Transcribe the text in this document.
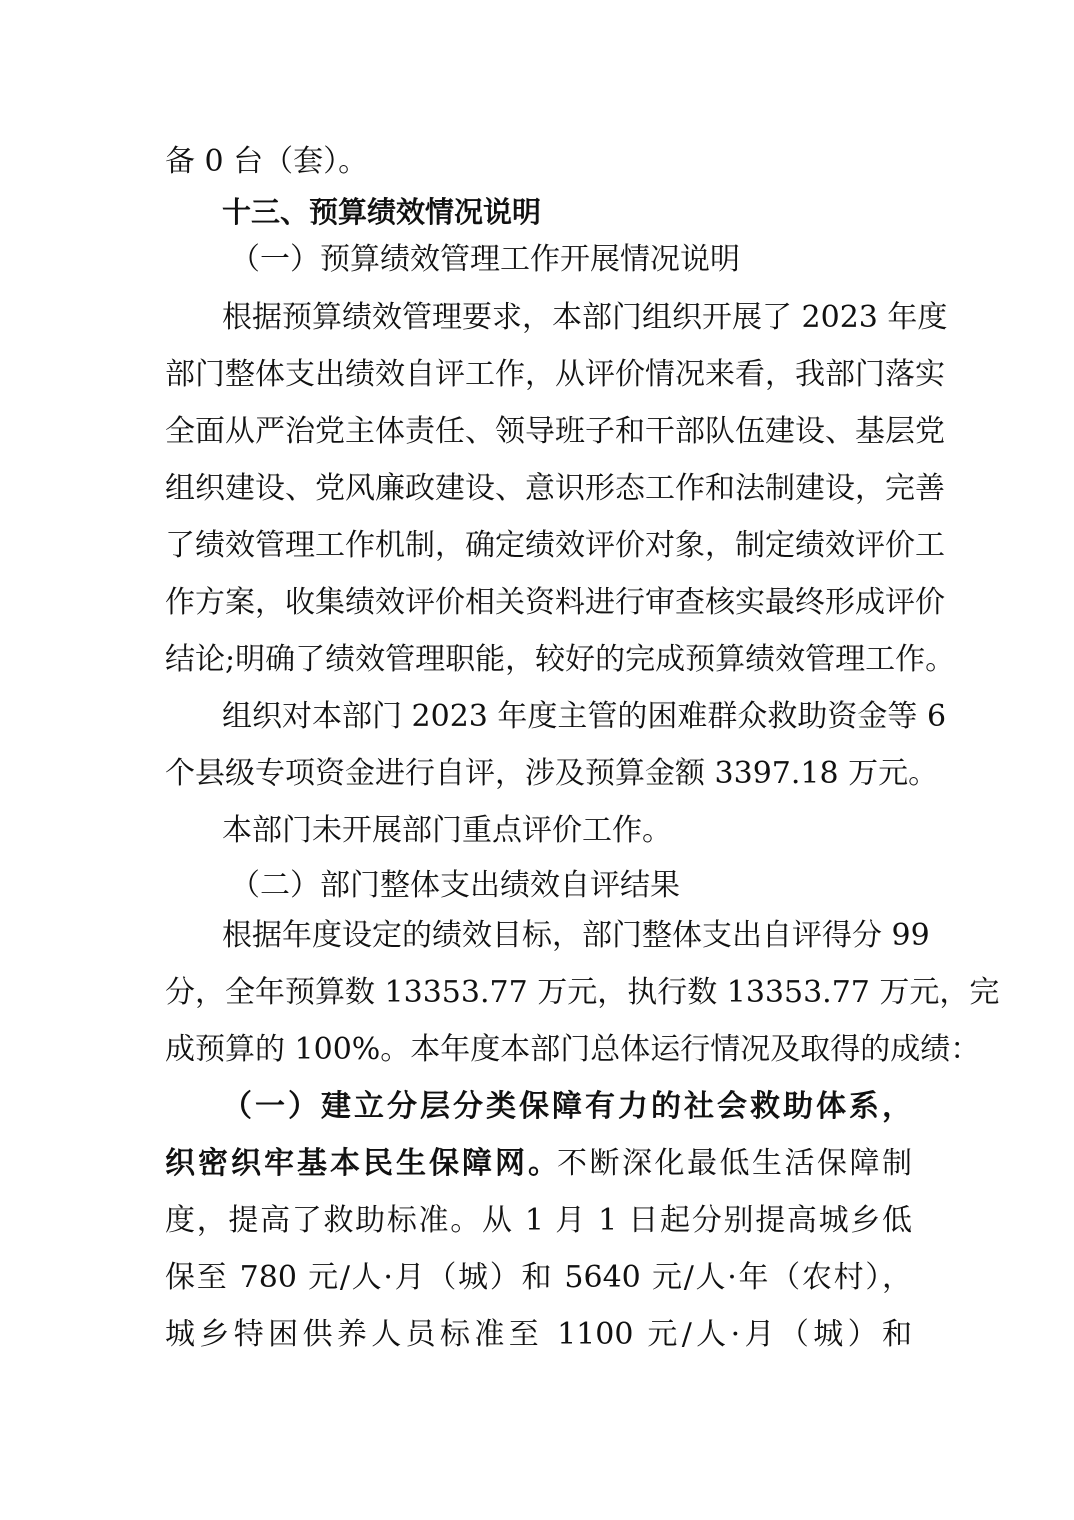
备 0 台（套）。
十三、预算绩效情况说明
（一）预算绩效管理工作开展情况说明
根据预算绩效管理要求，本部门组织开展了 2023 年度
部门整体支出绩效自评工作，从评价情况来看，我部门落实
全面从严治党主体责任、领导班子和干部队伍建设、基层党
组织建设、党风廉政建设、意识形态工作和法制建设，完善
了绩效管理工作机制，确定绩效评价对象，制定绩效评价工
作方案，收集绩效评价相关资料进行审查核实最终形成评价
结论;明确了绩效管理职能，较好的完成预算绩效管理工作。
组织对本部门 2023 年度主管的困难群众救助资金等 6
个县级专项资金进行自评，涉及预算金额 3397.18 万元。
本部门未开展部门重点评价工作。
（二）部门整体支出绩效自评结果
根据年度设定的绩效目标，部门整体支出自评得分 99
分，全年预算数 13353.77 万元，执行数 13353.77 万元，完
成预算的 100%。本年度本部门总体运行情况及取得的成绩：
（一）建立分层分类保障有力的社会救助体系，
织密织牢基本民生保障网。
不断深化最低生活保障制
度，提高了救助标准。从 1 月 1 日起分别提高城乡低
保至 780 元/人·月（城）和 5640 元/人·年（农村），
城乡特困供养人员标准至 1100 元/人·月（城）和
